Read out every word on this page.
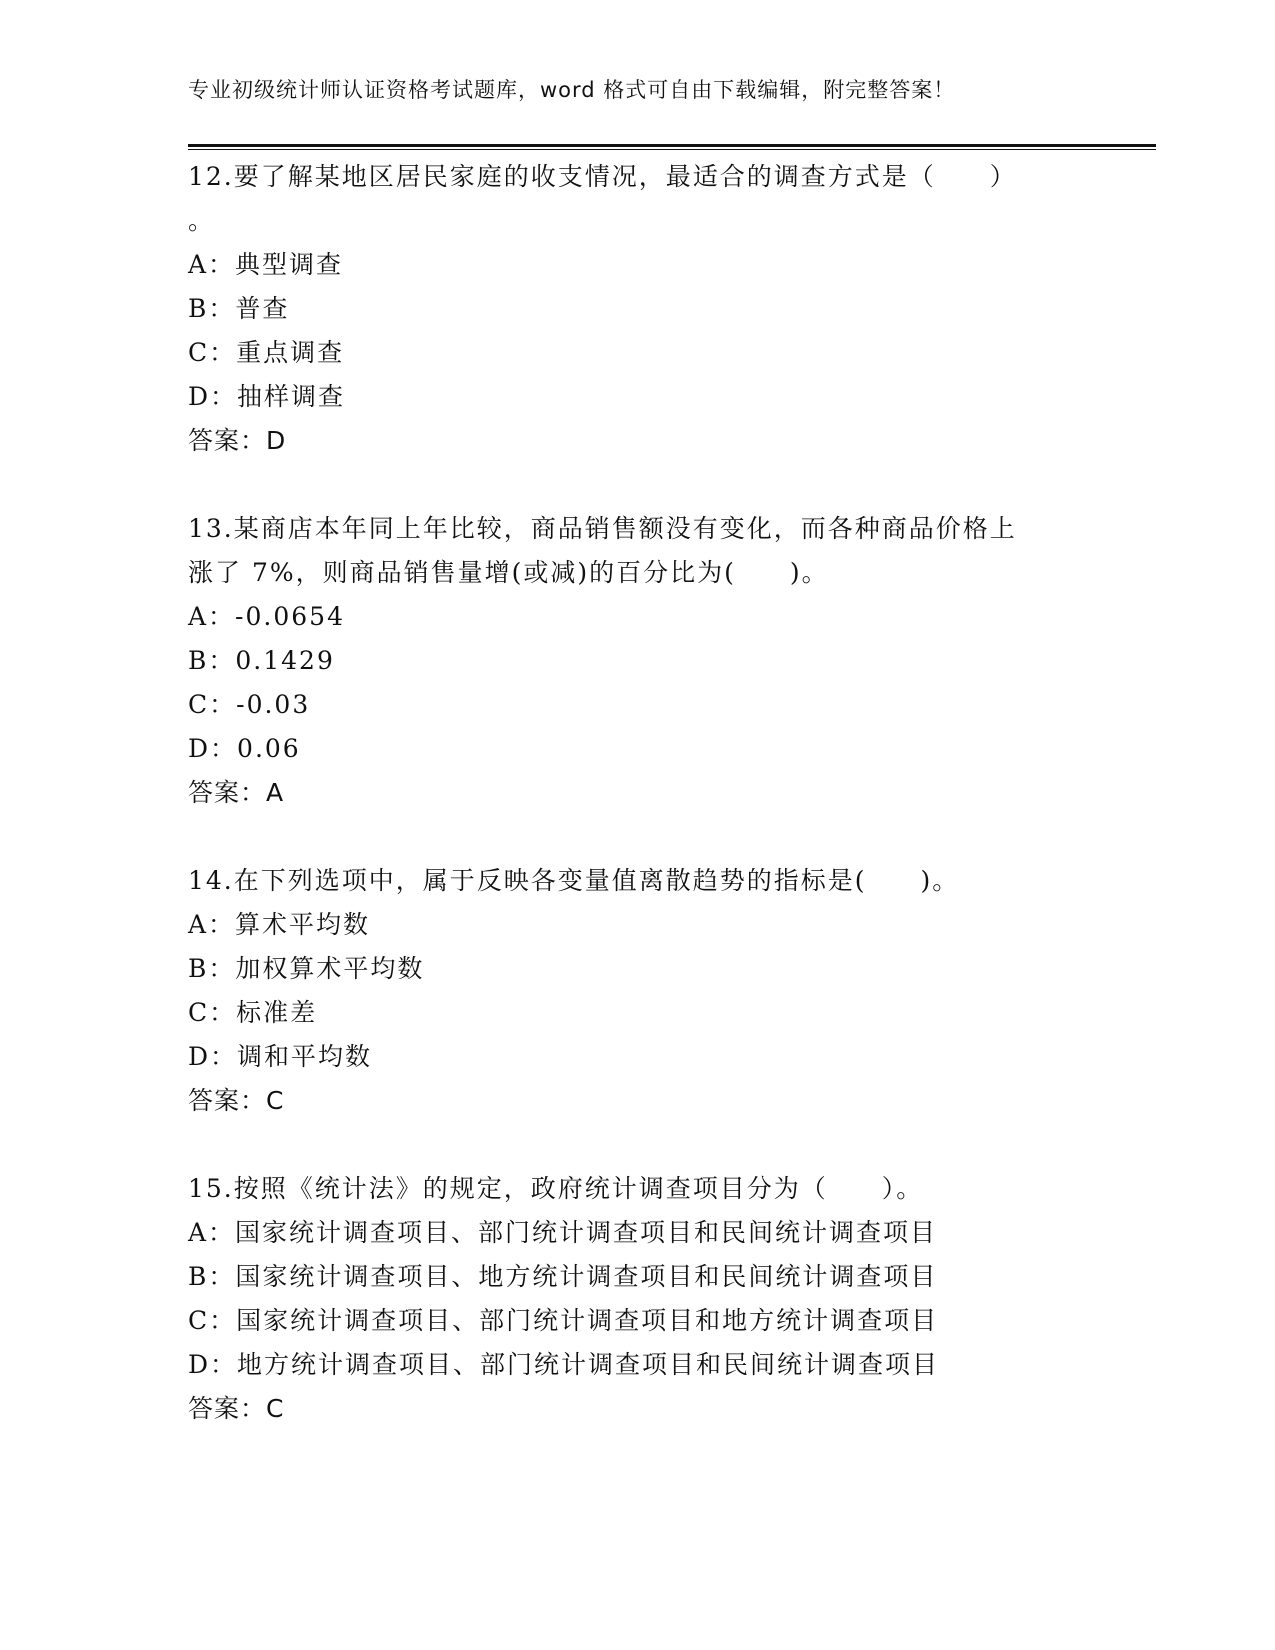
专业初级统计师认证资格考试题库，word 格式可自由下载编辑，附完整答案！
12.要了解某地区居民家庭的收支情况，最适合的调查方式是（　　）
。
A：典型调查
B：普查
C：重点调查
D：抽样调查
答案：D
13.某商店本年同上年比较，商品销售额没有变化，而各种商品价格上
涨了 7%，则商品销售量增(或减)的百分比为(　　)。
A：-0.0654
B：0.1429
C：-0.03
D：0.06
答案：A
14.在下列选项中，属于反映各变量值离散趋势的指标是(　　)。
A：算术平均数
B：加权算术平均数
C：标准差
D：调和平均数
答案：C
15.按照《统计法》的规定，政府统计调查项目分为（　　）。
A：国家统计调查项目、部门统计调查项目和民间统计调查项目
B：国家统计调查项目、地方统计调查项目和民间统计调查项目
C：国家统计调查项目、部门统计调查项目和地方统计调查项目
D：地方统计调查项目、部门统计调查项目和民间统计调查项目
答案：C
